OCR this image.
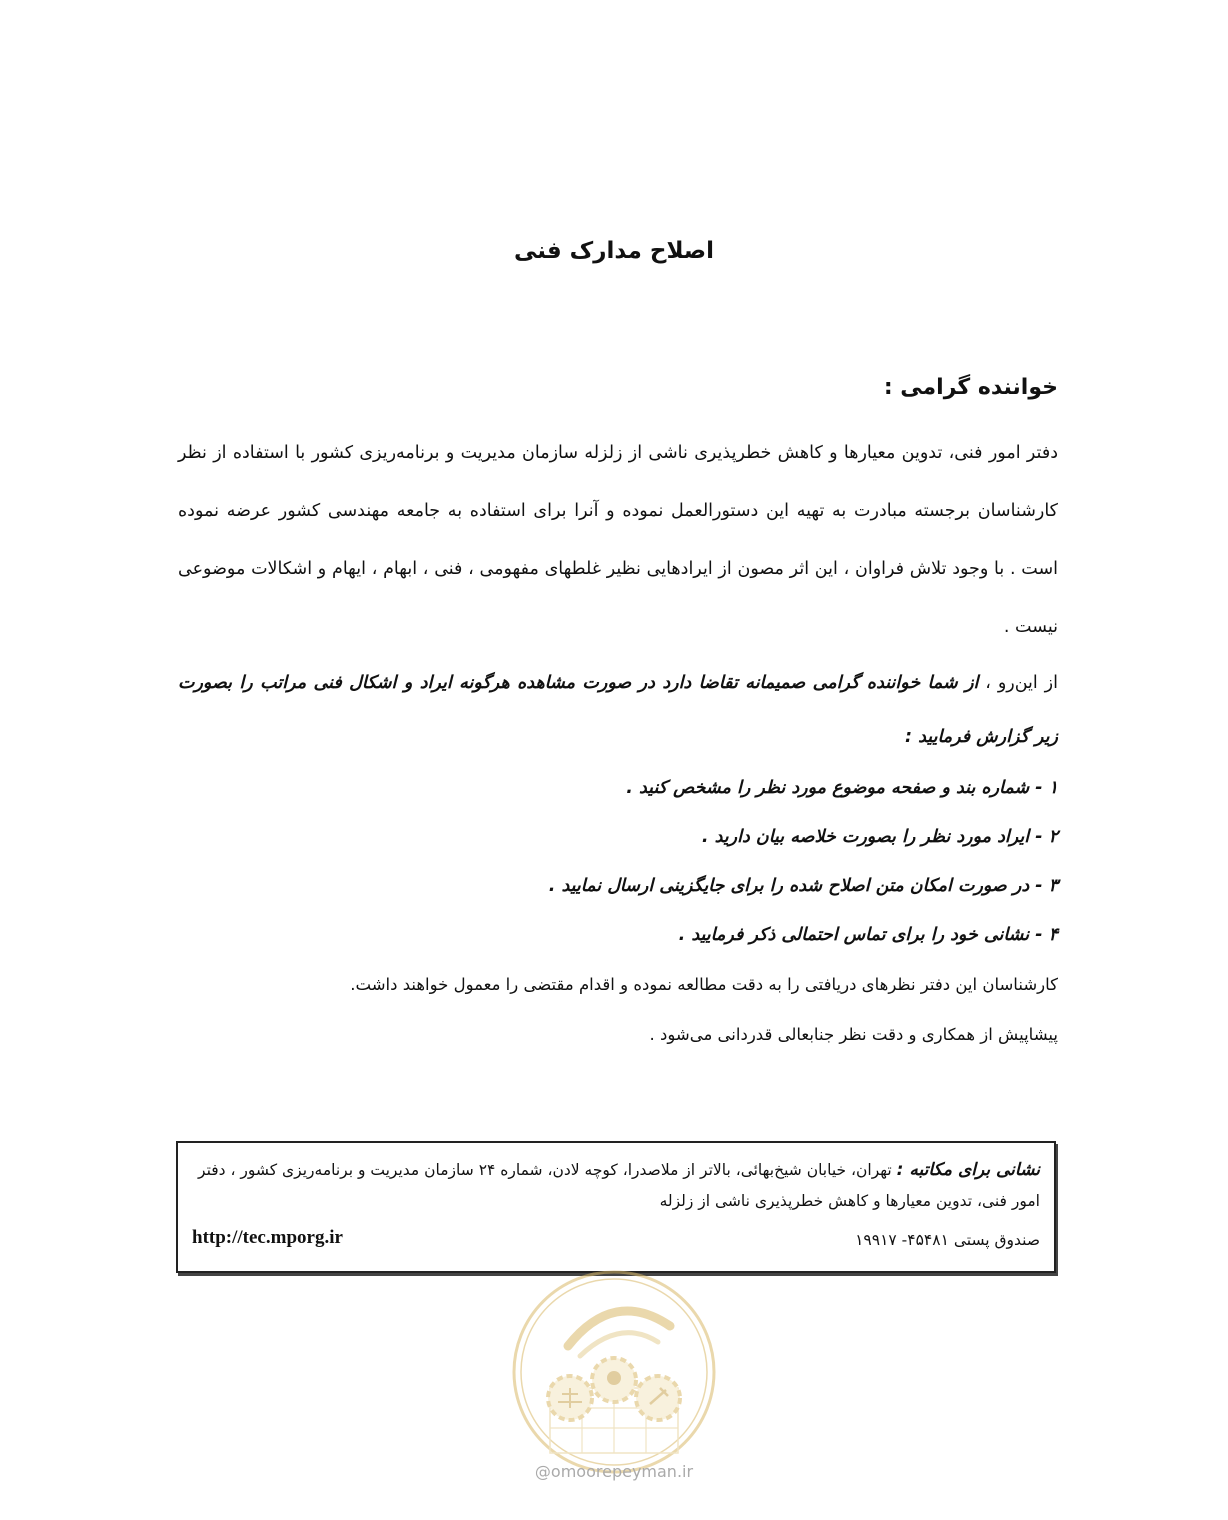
اصلاح مدارک فنی
خواننده گرامی :

دفتر امور فنی، تدوین معیارها و کاهش خطرپذیری ناشی از زلزله سازمان مدیریت و برنامه‌ریزی کشور با استفاده از نظر کارشناسان برجسته مبادرت به تهیه این دستورالعمل نموده و آنرا برای استفاده به جامعه مهندسی کشور عرضه نموده است . با وجود تلاش فراوان ، این اثر مصون از ایرادهایی نظیر غلطهای مفهومی ، فنی ، ابهام ، ایهام و اشکالات موضوعی نیست .

از این‌رو ، از شما خواننده گرامی صمیمانه تقاضا دارد در صورت مشاهده هرگونه ایراد و اشکال فنی مراتب را بصورت زیر گزارش فرمایید :

۱ - شماره بند و صفحه موضوع مورد نظر را مشخص کنید .
۲ - ایراد مورد نظر را بصورت خلاصه بیان دارید .
۳ - در صورت امکان متن اصلاح شده را برای جایگزینی ارسال نمایید .
۴ - نشانی خود را برای تماس احتمالی ذکر فرمایید .

کارشناسان این دفتر نظرهای دریافتی را به دقت مطالعه نموده و اقدام مقتضی را معمول خواهند داشت.

پیشاپیش از همکاری و دقت نظر جنابعالی قدردانی می‌شود .

نشانی برای مکاتبه : تهران، خیابان شیخ‌بهائی، بالاتر از ملاصدرا، کوچه لادن، شماره ۲۴ سازمان مدیریت و برنامه‌ریزی کشور ، دفتر امور فنی، تدوین معیارها و کاهش خطرپذیری ناشی از زلزله
صندوق پستی ۴۵۴۸۱- ۱۹۹۱۷
http://tec.mporg.ir
@omoorepeyman.ir
